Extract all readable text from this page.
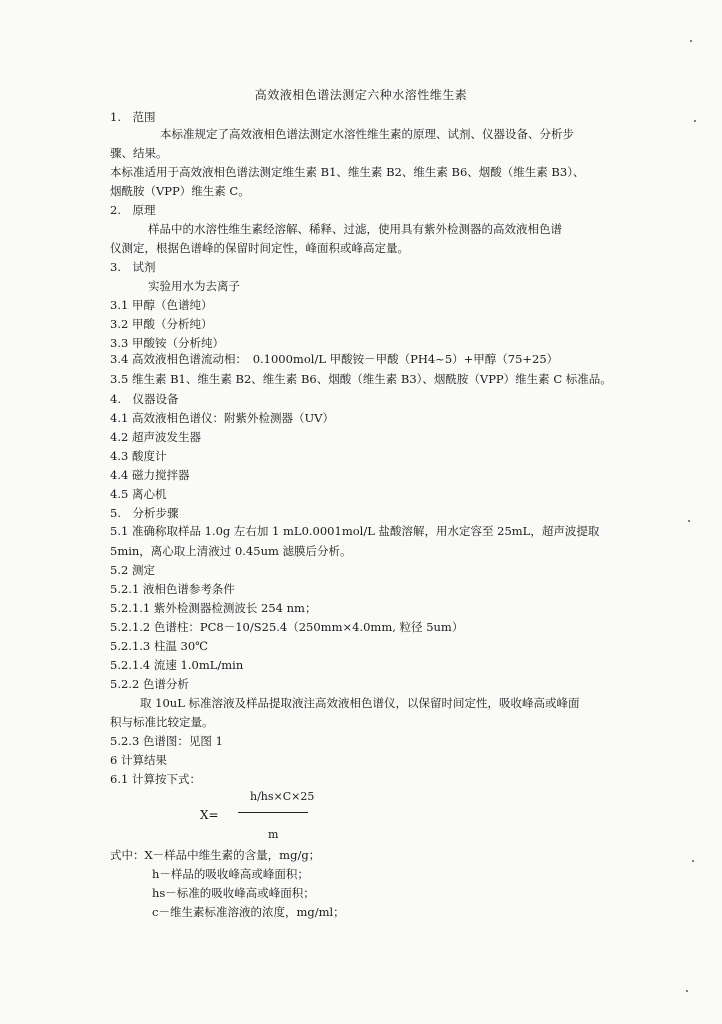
高效液相色谱法测定六种水溶性维生素
1.　范围
本标准规定了高效液相色谱法测定水溶性维生素的原理、试剂、仪器设备、分析步
骤、结果。
本标准适用于高效液相色谱法测定维生素 B1、维生素 B2、维生素 B6、烟酸（维生素 B3）、
烟酰胺（VPP）维生素 C。
2.　原理
样品中的水溶性维生素经溶解、稀释、过滤，使用具有紫外检测器的高效液相色谱
仪测定，根据色谱峰的保留时间定性，峰面积或峰高定量。
3.　试剂
实验用水为去离子
3.1 甲醇（色谱纯）
3.2 甲酸（分析纯）
3.3 甲酸铵（分析纯）
3.4 高效液相色谱流动相：　0.1000mol/L 甲酸铵－甲酸（PH4~5）+甲醇（75+25）
3.5 维生素 B1、维生素 B2、维生素 B6、烟酸（维生素 B3）、烟酰胺（VPP）维生素 C 标准品。
4.　仪器设备
4.1 高效液相色谱仪：附紫外检测器（UV）
4.2 超声波发生器
4.3 酸度计
4.4 磁力搅拌器
4.5 离心机
5.　分析步骤
5.1 准确称取样品 1.0g 左右加 1 mL0.0001mol/L 盐酸溶解，用水定容至 25mL，超声波提取
5min，离心取上清液过 0.45um 滤膜后分析。
5.2 测定
5.2.1 液相色谱参考条件
5.2.1.1 紫外检测器检测波长 254 nm；
5.2.1.2 色谱柱：PC8－10/S25.4（250mm×4.0mm, 粒径 5um）
5.2.1.3 柱温 30℃
5.2.1.4 流速 1.0mL/min
5.2.2 色谱分析
取 10uL 标准溶液及样品提取液注高效液相色谱仪，以保留时间定性，吸收峰高或峰面
积与标准比较定量。
5.2.3 色谱图：见图 1
6 计算结果
6.1 计算按下式：
式中：X－样品中维生素的含量，mg/g；
h－样品的吸收峰高或峰面积；
hs－标准的吸收峰高或峰面积；
c－维生素标准溶液的浓度，mg/ml；
h/hs×C×25
X=
m
